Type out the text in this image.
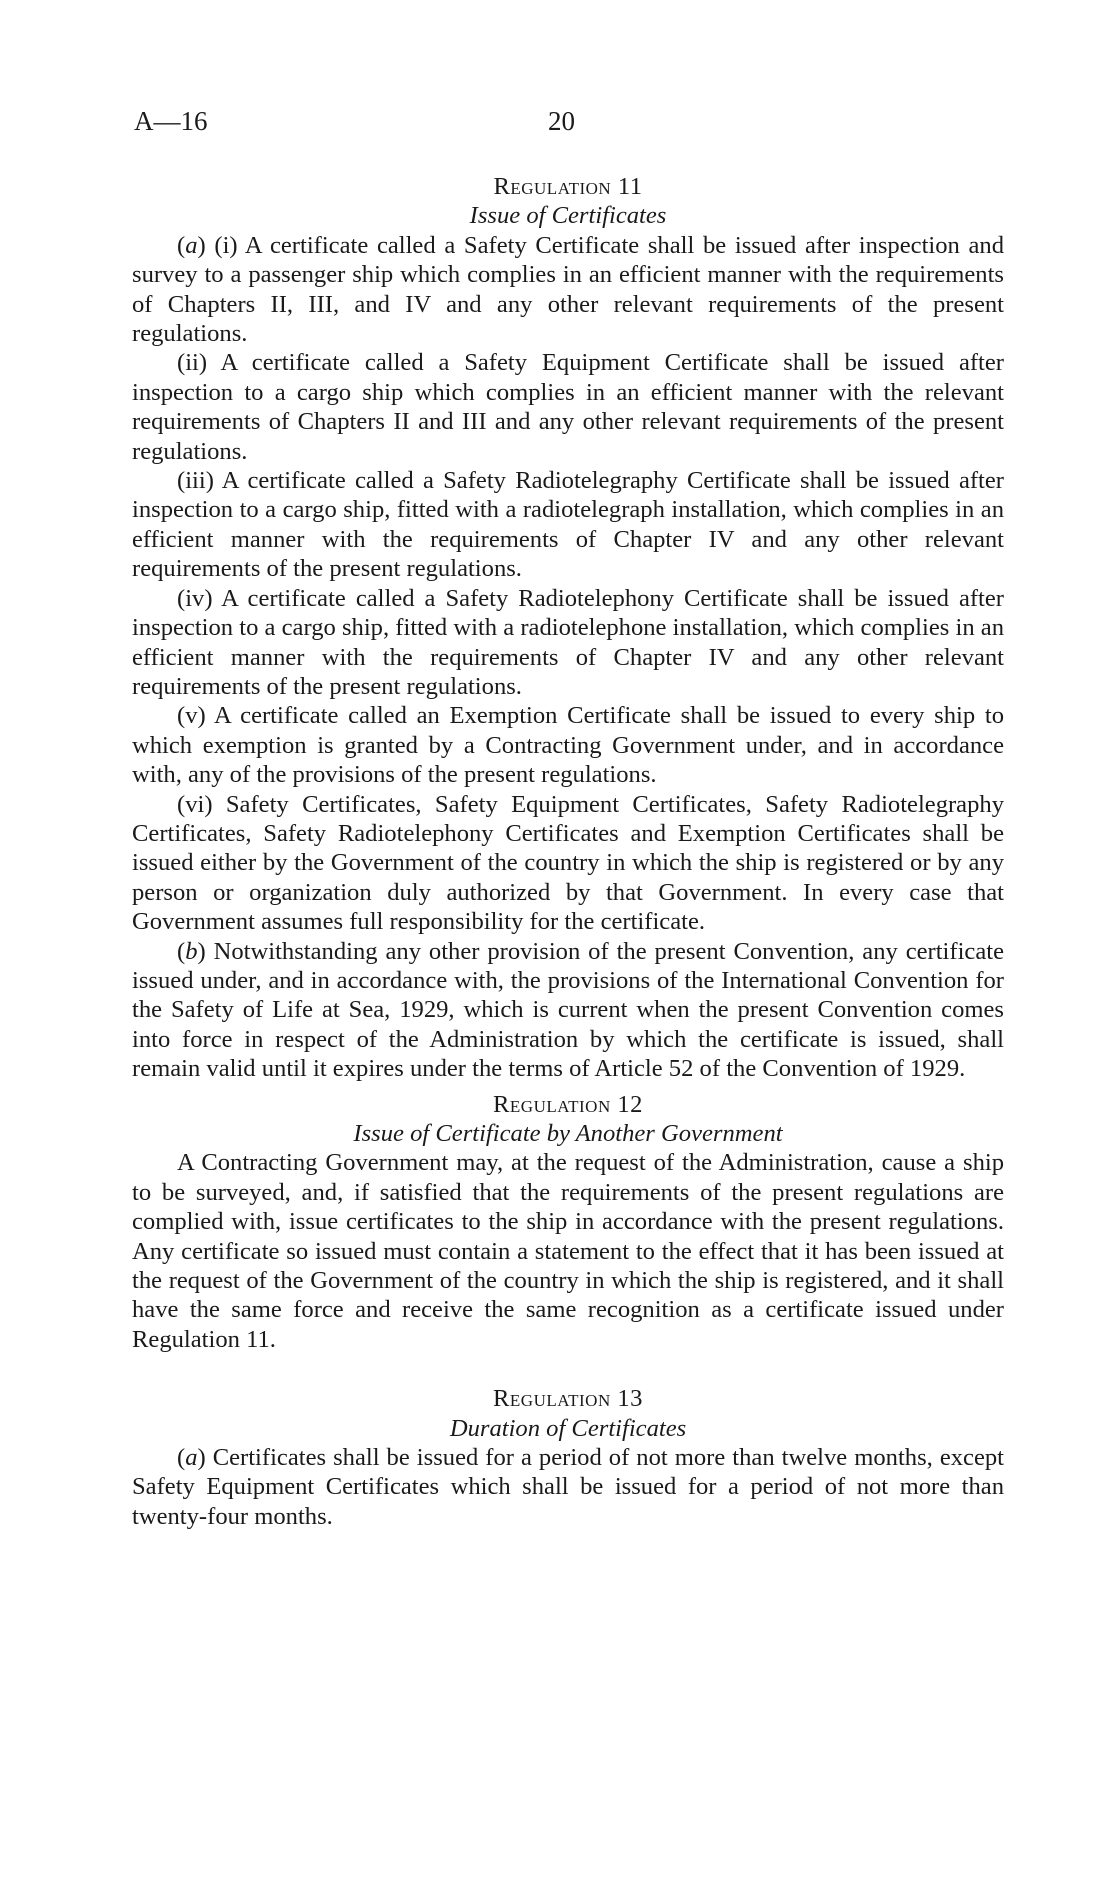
A—16	20
Regulation 11
Issue of Certificates

(a) (i) A certificate called a Safety Certificate shall be issued after inspection and survey to a passenger ship which complies in an efficient manner with the requirements of Chapters II, III, and IV and any other relevant requirements of the present regulations.

(ii) A certificate called a Safety Equipment Certificate shall be issued after inspection to a cargo ship which complies in an efficient manner with the relevant requirements of Chapters II and III and any other relevant requirements of the present regulations.

(iii) A certificate called a Safety Radiotelegraphy Certificate shall be issued after inspection to a cargo ship, fitted with a radiotelegraph installation, which complies in an efficient manner with the requirements of Chapter IV and any other relevant requirements of the present regulations.

(iv) A certificate called a Safety Radiotelephony Certificate shall be issued after inspection to a cargo ship, fitted with a radiotelephone installation, which complies in an efficient manner with the requirements of Chapter IV and any other relevant requirements of the present regulations.

(v) A certificate called an Exemption Certificate shall be issued to every ship to which exemption is granted by a Contracting Government under, and in accordance with, any of the provisions of the present regulations.

(vi) Safety Certificates, Safety Equipment Certificates, Safety Radiotelegraphy Certificates, Safety Radiotelephony Certificates and Exemption Certificates shall be issued either by the Government of the country in which the ship is registered or by any person or organization duly authorized by that Government. In every case that Government assumes full responsibility for the certificate.

(b) Notwithstanding any other provision of the present Convention, any certificate issued under, and in accordance with, the provisions of the International Convention for the Safety of Life at Sea, 1929, which is current when the present Convention comes into force in respect of the Administration by which the certificate is issued, shall remain valid until it expires under the terms of Article 52 of the Convention of 1929.

Regulation 12
Issue of Certificate by Another Government

A Contracting Government may, at the request of the Administration, cause a ship to be surveyed, and, if satisfied that the requirements of the present regulations are complied with, issue certificates to the ship in accordance with the present regulations. Any certificate so issued must contain a statement to the effect that it has been issued at the request of the Government of the country in which the ship is registered, and it shall have the same force and receive the same recognition as a certificate issued under Regulation 11.

Regulation 13
Duration of Certificates

(a) Certificates shall be issued for a period of not more than twelve months, except Safety Equipment Certificates which shall be issued for a period of not more than twenty-four months.
